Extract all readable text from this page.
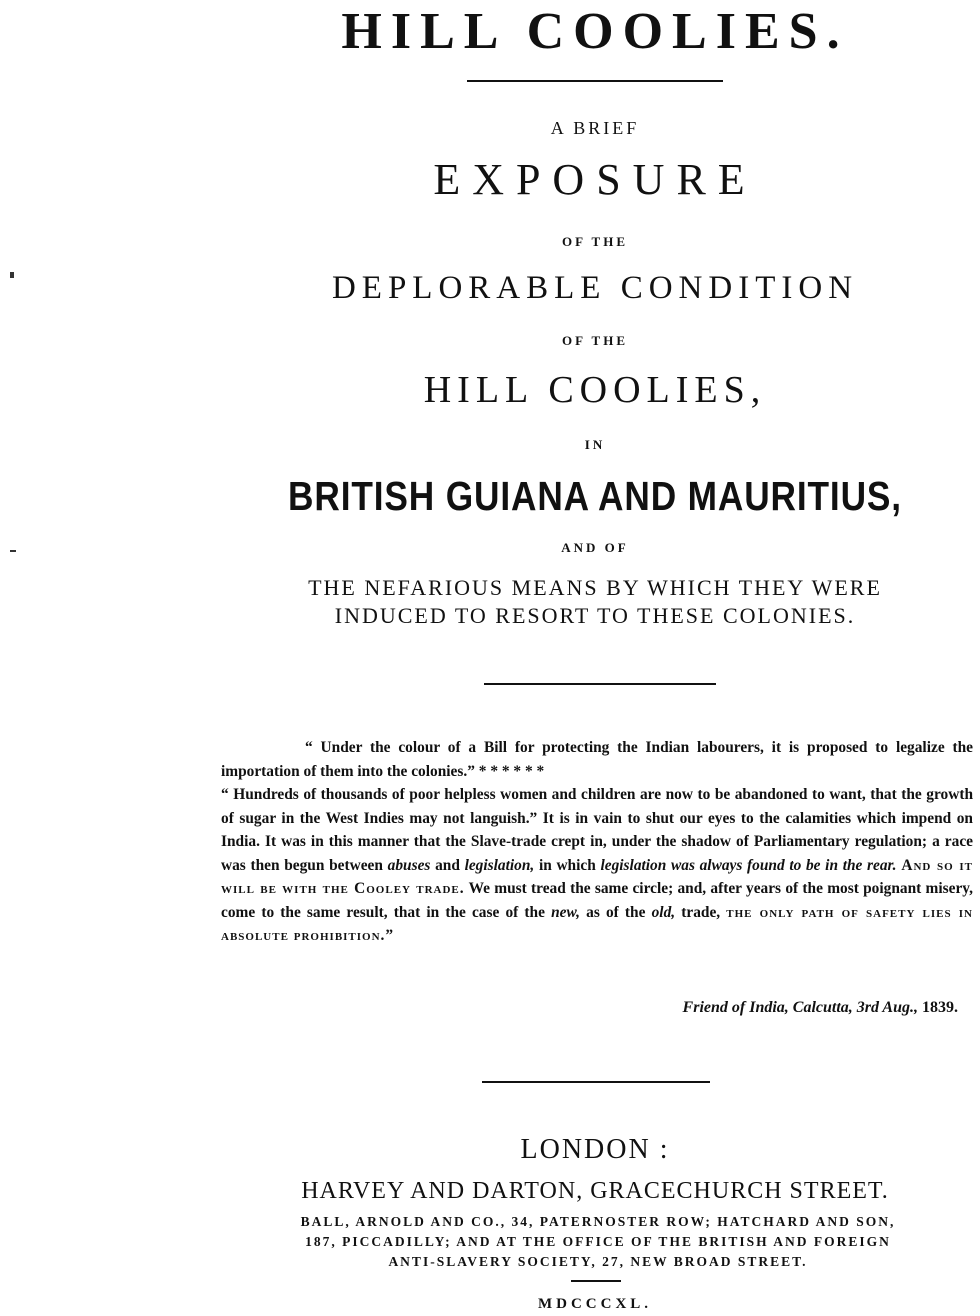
HILL COOLIES.
A BRIEF
EXPOSURE
OF THE
DEPLORABLE CONDITION
OF THE
HILL COOLIES,
IN
BRITISH GUIANA AND MAURITIUS,
AND OF
THE NEFARIOUS MEANS BY WHICH THEY WERE
INDUCED TO RESORT TO THESE COLONIES.

“ Under the colour of a Bill for protecting the Indian labourers, it is proposed to legalize the importation of them into the colonies.” * * * * * *

“ Hundreds of thousands of poor helpless women and children are now to be abandoned to want, that the growth of sugar in the West Indies may not languish.” It is in vain to shut our eyes to the calamities which impend on India. It was in this manner that the Slave-trade crept in, under the shadow of Parliamentary regulation; a race was then begun between abuses and legislation, in which legislation was always found to be in the rear. And so it will be with the Cooley trade. We must tread the same circle; and, after years of the most poignant misery, come to the same result, that in the case of the new, as of the old, trade, the only path of safety lies in absolute prohibition.”

Friend of India, Calcutta, 3rd Aug., 1839.
LONDON :
HARVEY AND DARTON, GRACECHURCH STREET.
BALL, ARNOLD AND CO., 34, PATERNOSTER ROW; HATCHARD AND SON,
187, PICCADILLY; AND AT THE OFFICE OF THE BRITISH AND FOREIGN
ANTI-SLAVERY SOCIETY, 27, NEW BROAD STREET.
MDCCCXL.
